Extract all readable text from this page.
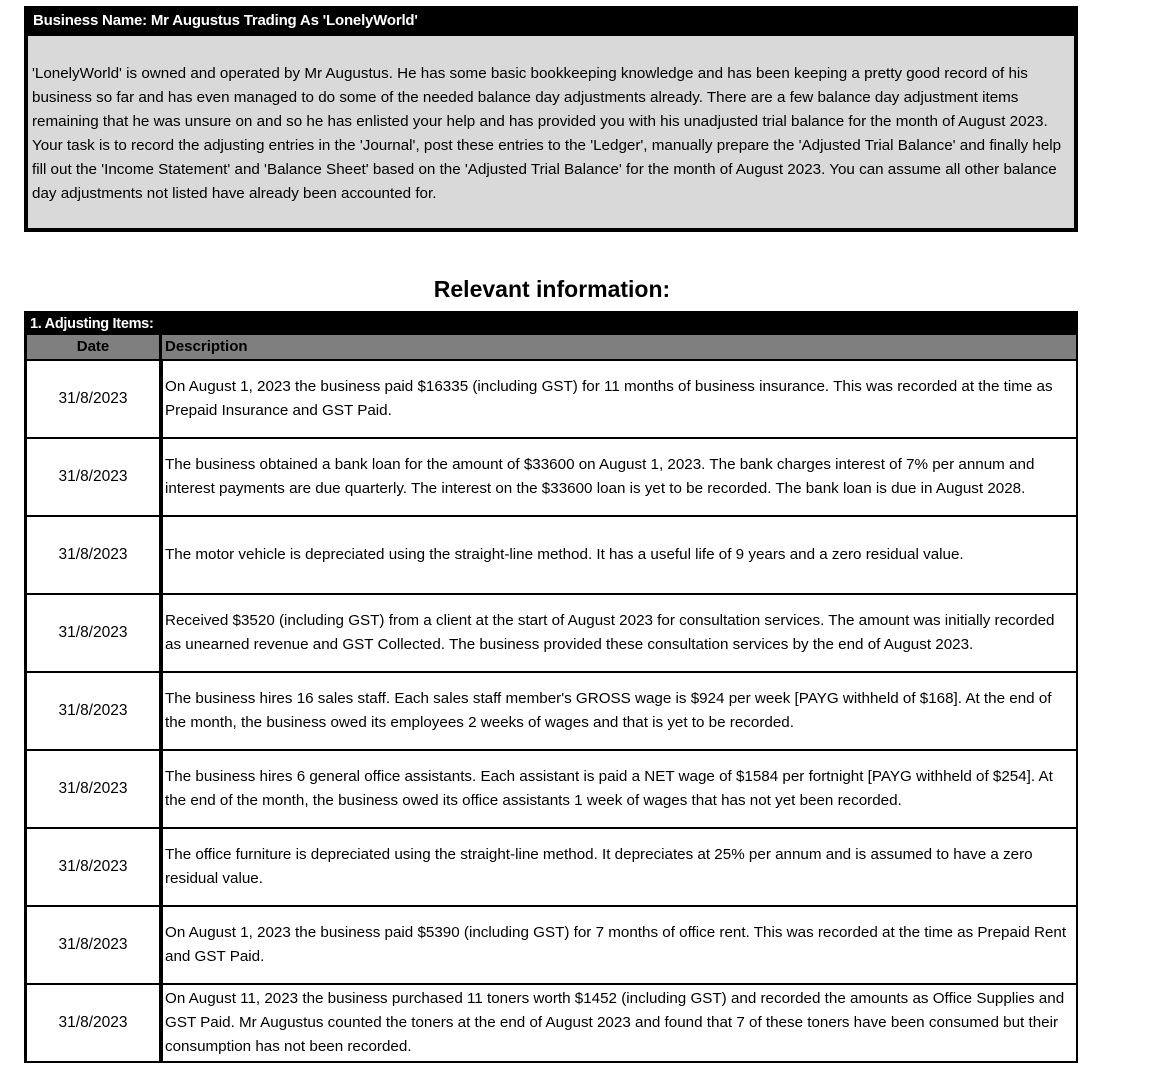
Business Name: Mr Augustus Trading As 'LonelyWorld'
'LonelyWorld' is owned and operated by Mr Augustus. He has some basic bookkeeping knowledge and has been keeping a pretty good record of his business so far and has even managed to do some of the needed balance day adjustments already. There are a few balance day adjustment items remaining that he was unsure on and so he has enlisted your help and has provided you with his unadjusted trial balance for the month of August 2023. Your task is to record the adjusting entries in the 'Journal', post these entries to the 'Ledger', manually prepare the 'Adjusted Trial Balance' and finally help fill out the 'Income Statement' and 'Balance Sheet' based on the 'Adjusted Trial Balance' for the month of August 2023. You can assume all other balance day adjustments not listed have already been accounted for.
Relevant information:
1. Adjusting Items:
Date	Description
31/8/2023
On August 1, 2023 the business paid $16335 (including GST) for 11 months of business insurance. This was recorded at the time as Prepaid Insurance and GST Paid.
31/8/2023
The business obtained a bank loan for the amount of $33600 on August 1, 2023. The bank charges interest of 7% per annum and interest payments are due quarterly. The interest on the $33600 loan is yet to be recorded. The bank loan is due in August 2028.
31/8/2023	The motor vehicle is depreciated using the straight-line method. It has a useful life of 9 years and a zero residual value.
31/8/2023
Received $3520 (including GST) from a client at the start of August 2023 for consultation services. The amount was initially recorded as unearned revenue and GST Collected. The business provided these consultation services by the end of August 2023.
31/8/2023
The business hires 16 sales staff. Each sales staff member's GROSS wage is $924 per week [PAYG withheld of $168]. At the end of the month, the business owed its employees 2 weeks of wages and that is yet to be recorded.
31/8/2023
The business hires 6 general office assistants. Each assistant is paid a NET wage of $1584 per fortnight [PAYG withheld of $254]. At the end of the month, the business owed its office assistants 1 week of wages that has not yet been recorded.
31/8/2023
The office furniture is depreciated using the straight-line method. It depreciates at 25% per annum and is assumed to have a zero residual value.
31/8/2023
On August 1, 2023 the business paid $5390 (including GST) for 7 months of office rent. This was recorded at the time as Prepaid Rent and GST Paid.
31/8/2023
On August 11, 2023 the business purchased 11 toners worth $1452 (including GST) and recorded the amounts as Office Supplies and GST Paid. Mr Augustus counted the toners at the end of August 2023 and found that 7 of these toners have been consumed but their consumption has not been recorded.
